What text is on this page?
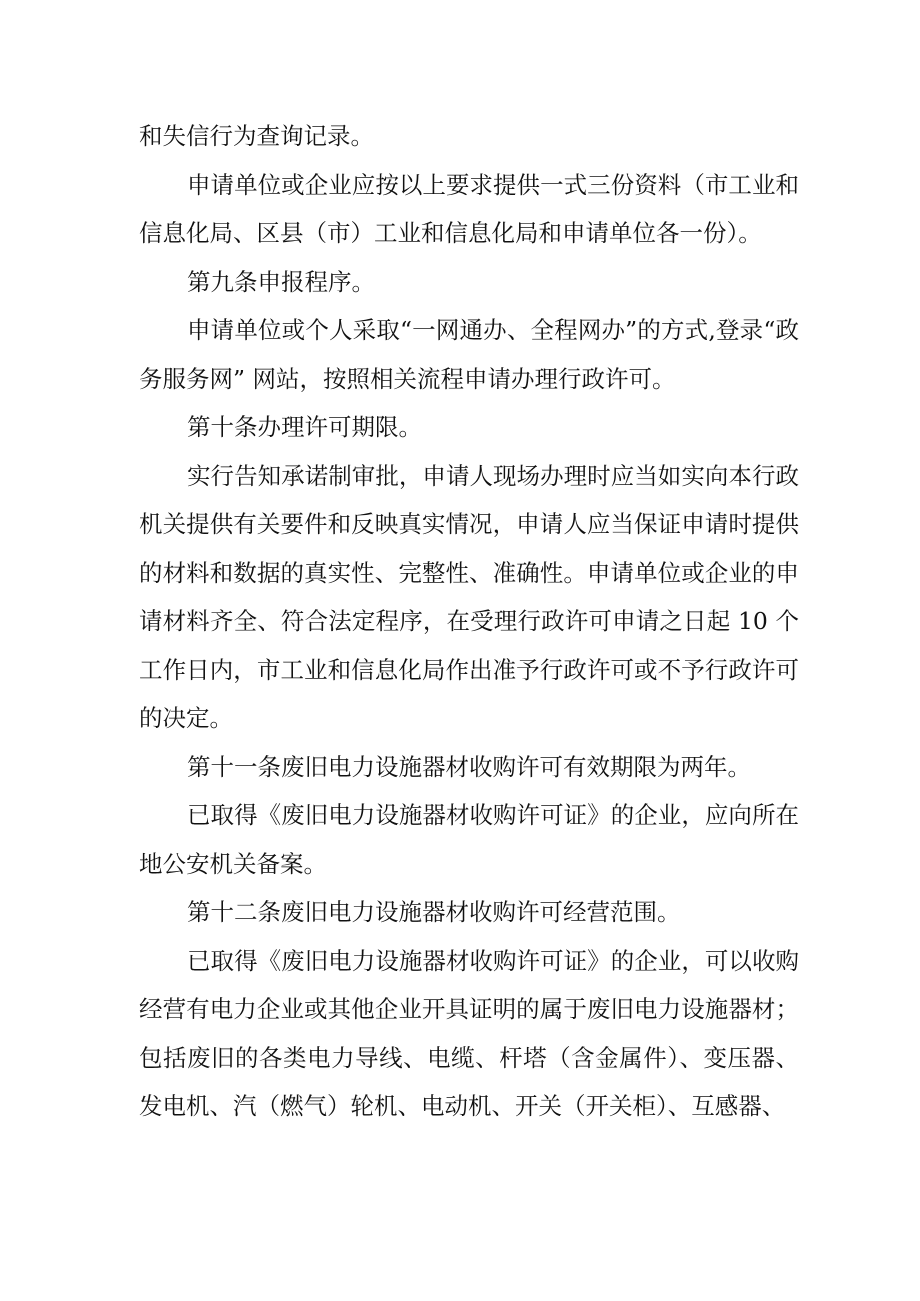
和失信行为查询记录。

申请单位或企业应按以上要求提供一式三份资料（市工业和信息化局、区县（市）工业和信息化局和申请单位各一份）。

第九条申报程序。

申请单位或个人采取“一网通办、全程网办”的方式,登录“政务服务网” 网站，按照相关流程申请办理行政许可。

第十条办理许可期限。

实行告知承诺制审批，申请人现场办理时应当如实向本行政机关提供有关要件和反映真实情况，申请人应当保证申请时提供的材料和数据的真实性、完整性、准确性。申请单位或企业的申请材料齐全、符合法定程序，在受理行政许可申请之日起 10 个工作日内，市工业和信息化局作出准予行政许可或不予行政许可的决定。

第十一条废旧电力设施器材收购许可有效期限为两年。

已取得《废旧电力设施器材收购许可证》的企业，应向所在地公安机关备案。

第十二条废旧电力设施器材收购许可经营范围。

已取得《废旧电力设施器材收购许可证》的企业，可以收购经营有电力企业或其他企业开具证明的属于废旧电力设施器材；包括废旧的各类电力导线、电缆、杆塔（含金属件）、变压器、发电机、汽（燃气）轮机、电动机、开关（开关柜）、互感器、
